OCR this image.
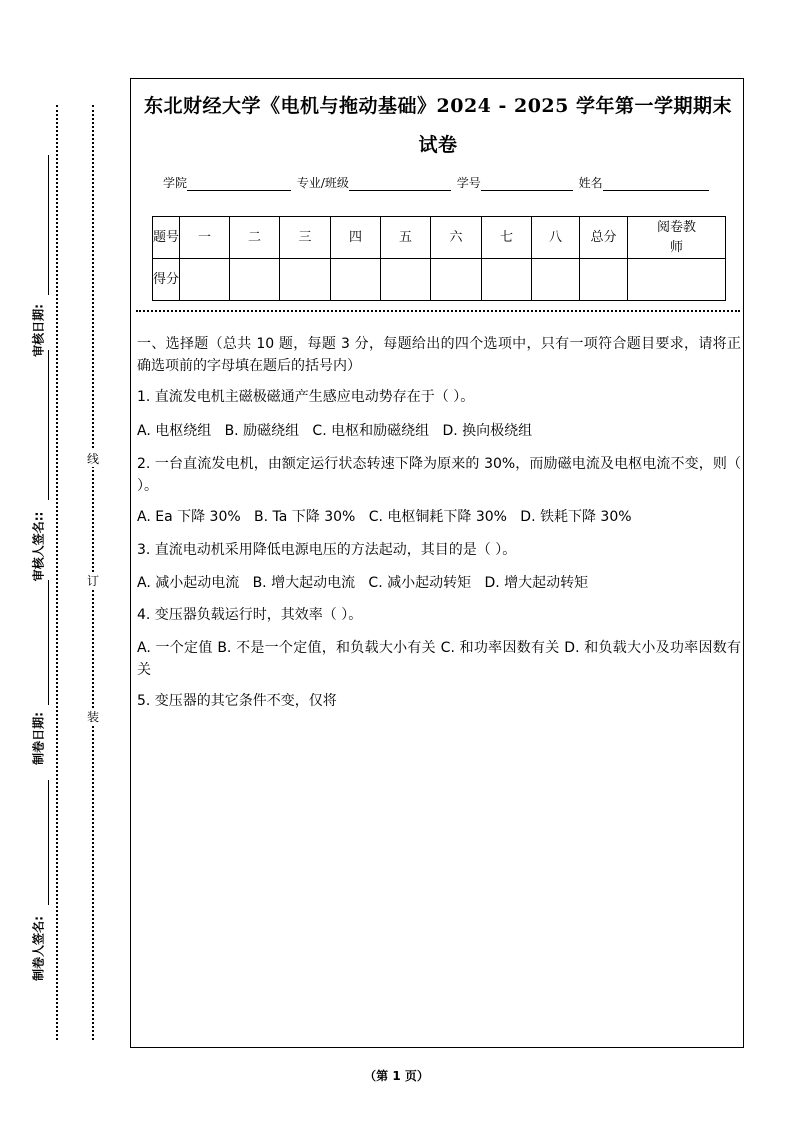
审核日期:
审核人签名::
制卷日期:
制卷人签名:
线
订
装
东北财经大学《电机与拖动基础》2024 - 2025 学年第一学期期末
试卷
学院	专业/班级	学号	姓名
题号	一	二	三	四	五	六	七	八	总分	阅卷教师
得分										
一、选择题（总共 10 题，每题 3 分，每题给出的四个选项中，只有一项符合题目要求，请将正确选项前的字母填在题后的括号内）
1. 直流发电机主磁极磁通产生感应电动势存在于（ ）。
A. 电枢绕组   B. 励磁绕组   C. 电枢和励磁绕组   D. 换向极绕组
2. 一台直流发电机，由额定运行状态转速下降为原来的 30%，而励磁电流及电枢电流不变，则（ ）。
A. Ea 下降 30%   B. Ta 下降 30%   C. 电枢铜耗下降 30%   D. 铁耗下降 30%
3. 直流电动机采用降低电源电压的方法起动，其目的是（ ）。
A. 减小起动电流   B. 增大起动电流   C. 减小起动转矩   D. 增大起动转矩
4. 变压器负载运行时，其效率（ ）。
A. 一个定值 B. 不是一个定值，和负载大小有关 C. 和功率因数有关 D. 和负载大小及功率因数有关
5. 变压器的其它条件不变，仅将
（第 1 页）
